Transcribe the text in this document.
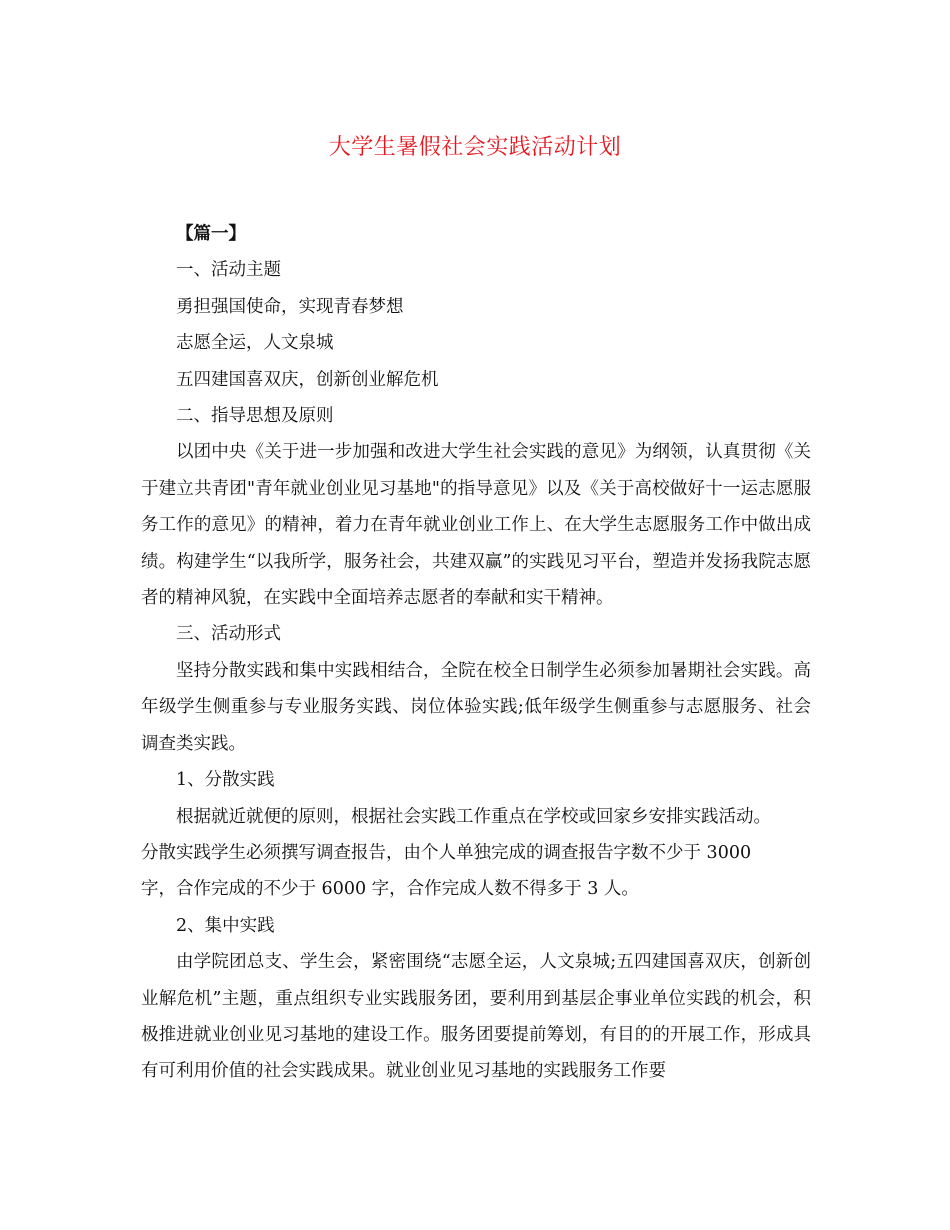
大学生暑假社会实践活动计划

【篇一】

一、活动主题

勇担强国使命，实现青春梦想

志愿全运，人文泉城

五四建国喜双庆，创新创业解危机

二、指导思想及原则

以团中央《关于进一步加强和改进大学生社会实践的意见》为纲领，认真贯彻《关于建立共青团"青年就业创业见习基地"的指导意见》以及《关于高校做好十一运志愿服务工作的意见》的精神，着力在青年就业创业工作上、在大学生志愿服务工作中做出成绩。构建学生“以我所学，服务社会，共建双赢”的实践见习平台，塑造并发扬我院志愿者的精神风貌，在实践中全面培养志愿者的奉献和实干精神。

三、活动形式

坚持分散实践和集中实践相结合，全院在校全日制学生必须参加暑期社会实践。高年级学生侧重参与专业服务实践、岗位体验实践;低年级学生侧重参与志愿服务、社会调查类实践。

1、分散实践

根据就近就便的原则，根据社会实践工作重点在学校或回家乡安排实践活动。
分散实践学生必须撰写调查报告，由个人单独完成的调查报告字数不少于 3000
字，合作完成的不少于 6000 字，合作完成人数不得多于 3 人。

2、集中实践

由学院团总支、学生会，紧密围绕“志愿全运，人文泉城;五四建国喜双庆，创新创业解危机”主题，重点组织专业实践服务团，要利用到基层企事业单位实践的机会，积极推进就业创业见习基地的建设工作。服务团要提前筹划，有目的的开展工作，形成具有可利用价值的社会实践成果。就业创业见习基地的实践服务工作要
